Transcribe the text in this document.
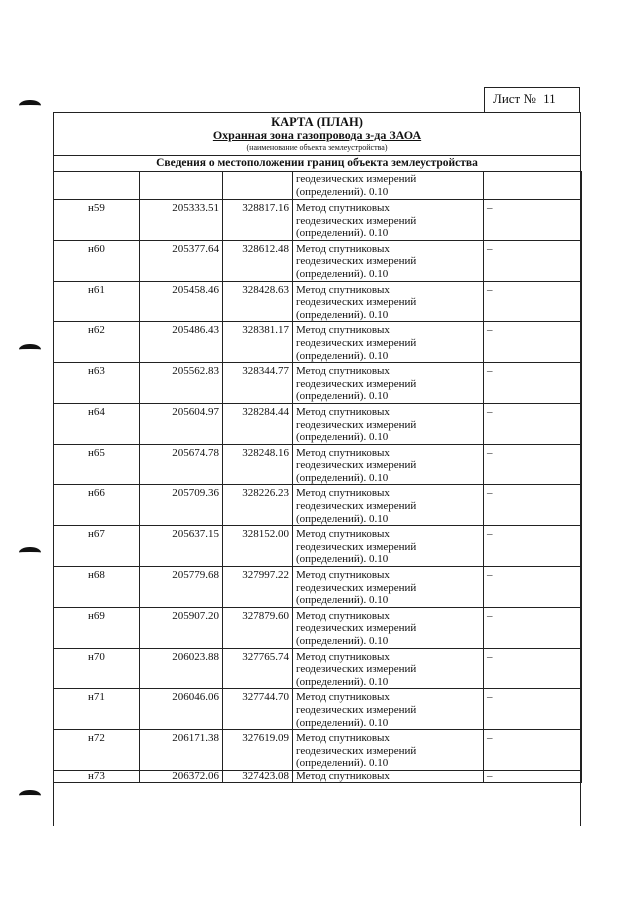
Лист № 11
КАРТА (ПЛАН)
Охранная зона газопровода з-да ЗАОА
(наименование объекта землеустройства)
Сведения о местоположении границ объекта землеустройства

			геодезических измерений
(определений). 0.10	

н59	205333.51	328817.16	Метод спутниковых
геодезических измерений
(определений). 0.10	–
н60	205377.64	328612.48	Метод спутниковых
геодезических измерений
(определений). 0.10	–
н61	205458.46	328428.63	Метод спутниковых
геодезических измерений
(определений). 0.10	–
н62	205486.43	328381.17	Метод спутниковых
геодезических измерений
(определений). 0.10	–
н63	205562.83	328344.77	Метод спутниковых
геодезических измерений
(определений). 0.10	–
н64	205604.97	328284.44	Метод спутниковых
геодезических измерений
(определений). 0.10	–
н65	205674.78	328248.16	Метод спутниковых
геодезических измерений
(определений). 0.10	–
н66	205709.36	328226.23	Метод спутниковых
геодезических измерений
(определений). 0.10	–
н67	205637.15	328152.00	Метод спутниковых
геодезических измерений
(определений). 0.10	–
н68	205779.68	327997.22	Метод спутниковых
геодезических измерений
(определений). 0.10	–
н69	205907.20	327879.60	Метод спутниковых
геодезических измерений
(определений). 0.10	–
н70	206023.88	327765.74	Метод спутниковых
геодезических измерений
(определений). 0.10	–
н71	206046.06	327744.70	Метод спутниковых
геодезических измерений
(определений). 0.10	–
н72	206171.38	327619.09	Метод спутниковых
геодезических измерений
(определений). 0.10	–
н73	206372.06	327423.08	Метод спутниковых	–
